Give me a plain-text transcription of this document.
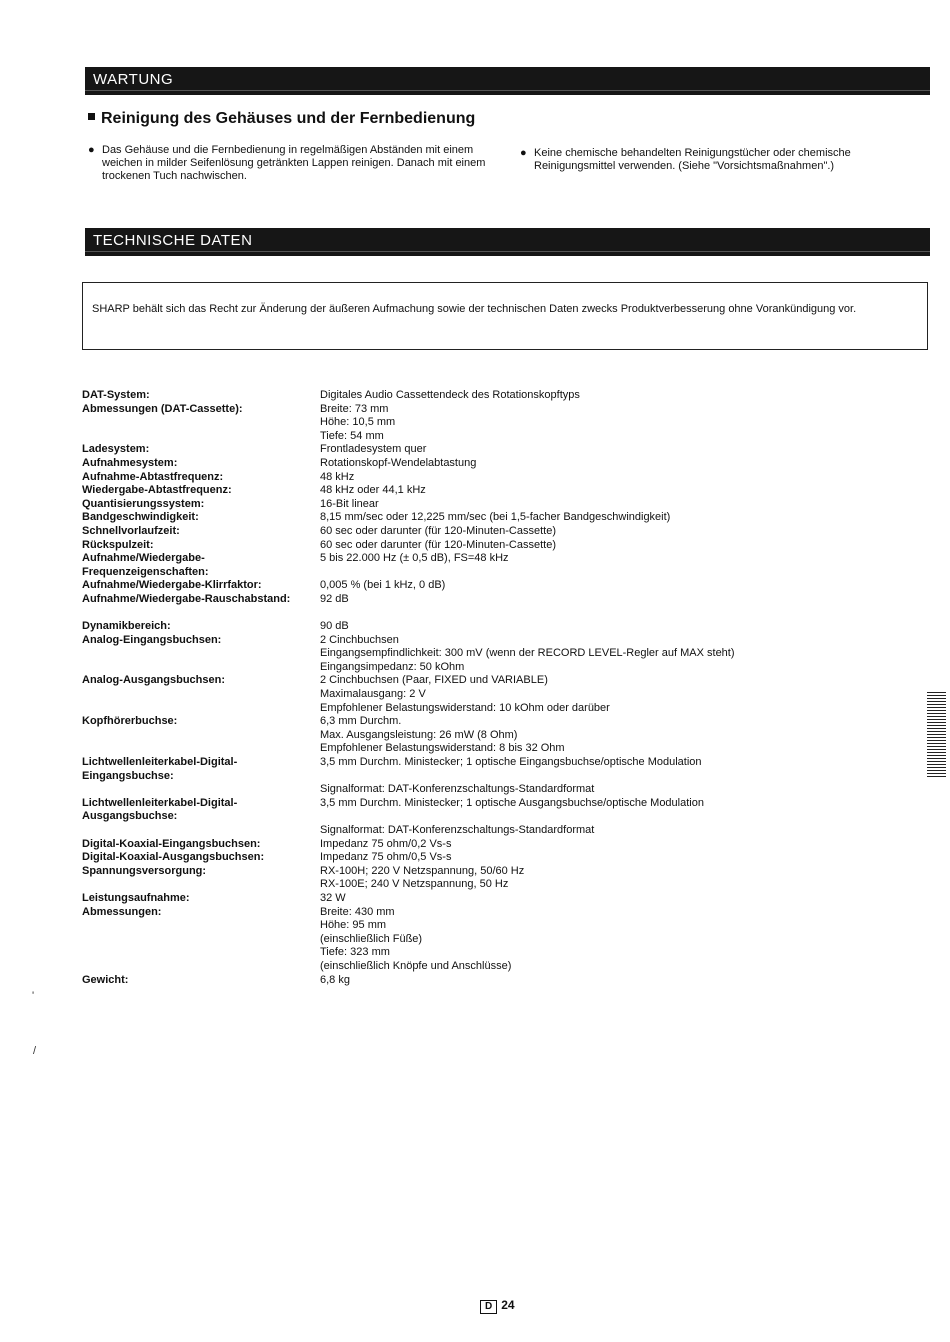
WARTUNG
Reinigung des Gehäuses und der Fernbedienung
● Das Gehäuse und die Fernbedienung in regelmäßigen Abständen mit einem weichen in milder Seifenlösung getränkten Lappen reinigen. Danach mit einem trockenen Tuch nachwischen.
● Keine chemische behandelten Reinigungstücher oder chemische Reinigungsmittel verwenden. (Siehe "Vorsichtsmaßnahmen".)
TECHNISCHE DATEN
SHARP behält sich das Recht zur Änderung der äußeren Aufmachung sowie der technischen Daten zwecks Produktverbesserung ohne Vorankündigung vor.
DAT-System:	Digitales Audio Cassettendeck des Rotationskopftyps
Abmessungen (DAT-Cassette):	Breite: 73 mm
Höhe: 10,5 mm
Tiefe: 54 mm
Ladesystem:	Frontladesystem quer
Aufnahmesystem:	Rotationskopf-Wendelabtastung
Aufnahme-Abtastfrequenz:	48 kHz
Wiedergabe-Abtastfrequenz:	48 kHz oder 44,1 kHz
Quantisierungssystem:	16-Bit linear
Bandgeschwindigkeit:	8,15 mm/sec oder 12,225 mm/sec (bei 1,5-facher Bandgeschwindigkeit)
Schnellvorlaufzeit:	60 sec oder darunter (für 120-Minuten-Cassette)
Rückspulzeit:	60 sec oder darunter (für 120-Minuten-Cassette)
Aufnahme/Wiedergabe-Frequenzeigenschaften:
5 bis 22.000 Hz (± 0,5 dB), FS=48 kHz

Aufnahme/Wiedergabe-Klirrfaktor:	0,005 % (bei 1 kHz, 0 dB)
Aufnahme/Wiedergabe-Rauschabstand:	92 dB

Dynamikbereich:	90 dB
Analog-Eingangsbuchsen:	2 Cinchbuchsen
Eingangsempfindlichkeit: 300 mV (wenn der RECORD LEVEL-Regler auf MAX steht)
Eingangsimpedanz: 50 kOhm
Analog-Ausgangsbuchsen:	2 Cinchbuchsen (Paar, FIXED und VARIABLE)
Maximalausgang: 2 V
Empfohlener Belastungswiderstand: 10 kOhm oder darüber
Kopfhörerbuchse:	6,3 mm Durchm.
Max. Ausgangsleistung: 26 mW (8 Ohm)
Empfohlener Belastungswiderstand: 8 bis 32 Ohm
Lichtwellenleiterkabel-Digital-Eingangsbuchse:
3,5 mm Durchm. Ministecker; 1 optische Eingangsbuchse/optische Modulation

Signalformat: DAT-Konferenzschaltungs-Standardformat
Lichtwellenleiterkabel-Digital-Ausgangsbuchse:
3,5 mm Durchm. Ministecker; 1 optische Ausgangsbuchse/optische Modulation

Signalformat: DAT-Konferenzschaltungs-Standardformat
Digital-Koaxial-Eingangsbuchsen:	Impedanz 75 ohm/0,2 Vs-s
Digital-Koaxial-Ausgangsbuchsen:	Impedanz 75 ohm/0,5 Vs-s
Spannungsversorgung:	RX-100H; 220 V Netzspannung, 50/60 Hz
RX-100E; 240 V Netzspannung, 50 Hz
Leistungsaufnahme:	32 W
Abmessungen:	Breite: 430 mm
Höhe: 95 mm
(einschließlich Füße)
Tiefe: 323 mm
(einschließlich Knöpfe und Anschlüsse)
Gewicht:	6,8 kg
'
/
D 24
